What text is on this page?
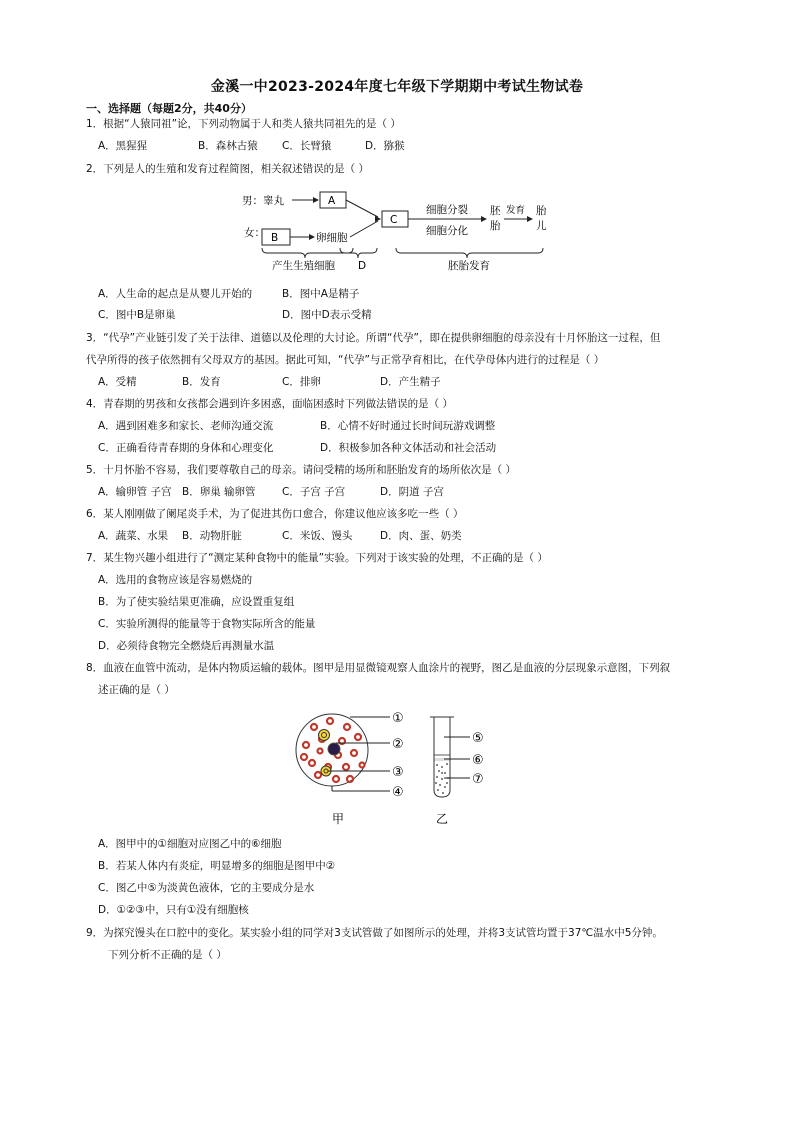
金溪一中2023-2024年度七年级下学期期中考试生物试卷
一、选择题（每题2分，共40分）
1．根据“人猿同祖”论，下列动物属于人和类人猿共同祖先的是（ ）
A．黑猩猩	B．森林古猿 C．长臂猿	D．猕猴
2．下列是人的生殖和发育过程简图，相关叙述错误的是（ ）
男：睾丸	A
女： B	卵细胞
C
细胞分裂
细胞分化
胚
胎
发育 胎
儿
产生生殖细胞 D	胚胎发育
A．人生命的起点是从婴儿开始的	B．图中A是精子
C．图中B是卵巢	D．图中D表示受精
3．“代孕”产业链引发了关于法律、道德以及伦理的大讨论。所谓“代孕”，即在提供卵细胞的母亲没有十月怀胎这一过程，但
代孕所得的孩子依然拥有父母双方的基因。据此可知，“代孕”与正常孕育相比，在代孕母体内进行的过程是（ ）
A．受精	B．发育	C．排卵	D．产生精子
4．青春期的男孩和女孩都会遇到许多困惑，面临困惑时下列做法错误的是（ ）
A．遇到困难多和家长、老师沟通交流	B．心情不好时通过长时间玩游戏调整
C．正确看待青春期的身体和心理变化	D．积极参加各种文体活动和社会活动
5．十月怀胎不容易，我们要尊敬自己的母亲。请问受精的场所和胚胎发育的场所依次是（ ）
A．输卵管 子宫 B．卵巢 输卵管	C．子宫 子宫	D．阴道 子宫
6．某人刚刚做了阑尾炎手术，为了促进其伤口愈合，你建议他应该多吃一些（ ）
A．蔬菜、水果 B．动物肝脏	C．米饭、馒头	D．肉、蛋、奶类
7．某生物兴趣小组进行了“测定某种食物中的能量”实验。下列对于该实验的处理，不正确的是（ ）
A．选用的食物应该是容易燃烧的
B．为了使实验结果更准确，应设置重复组
C．实验所测得的能量等于食物实际所含的能量
D．必须待食物完全燃烧后再测量水温
8．血液在血管中流动，是体内物质运输的载体。图甲是用显微镜观察人血涂片的视野，图乙是血液的分层现象示意图，下列叙
述正确的是（ ）
①
②
③
④
⑤
⑥
⑦
甲	乙
A．图甲中的①细胞对应图乙中的⑥细胞
B．若某人体内有炎症，明显增多的细胞是图甲中②
C．图乙中⑤为淡黄色液体，它的主要成分是水
D．①②③中，只有①没有细胞核
9．为探究馒头在口腔中的变化。某实验小组的同学对3支试管做了如图所示的处理，并将3支试管均置于37℃温水中5分钟。
下列分析不正确的是（ ）
